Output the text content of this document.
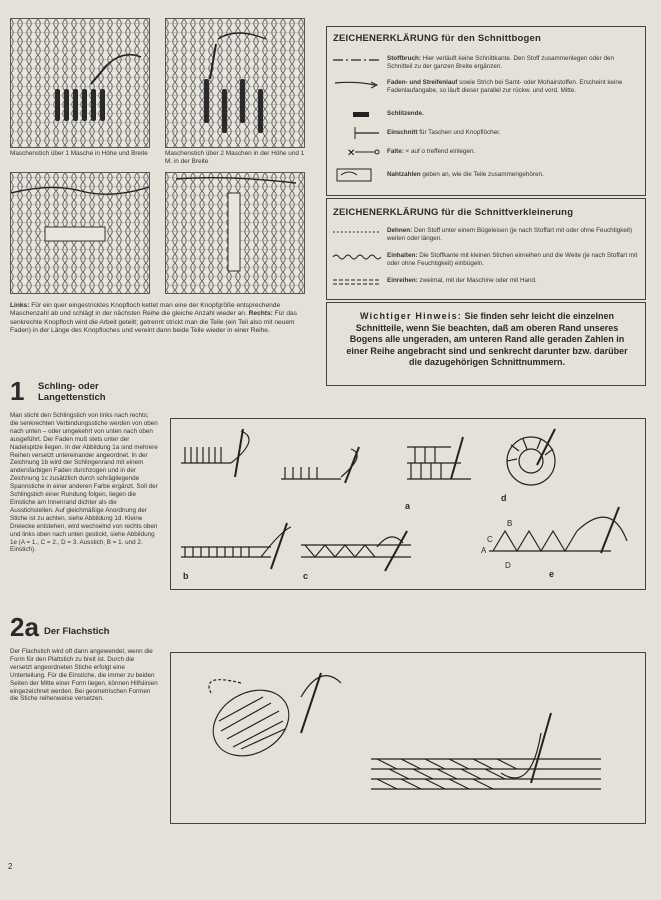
Maschenstich über 1 Masche in Höhe und Breite	Maschenstich über 2 Maschen in der Höhe und 1 M. in der Breite
Links: Für ein quer eingestricktes Knopfloch kettet man eine der Knopfgröße entsprechende Maschenzahl ab und schlägt in der nächsten Reihe die gleiche Anzahl wieder an. Rechts: Für das senkrechte Knopfloch wird die Arbeit geteilt; getrennt strickt man die Teile (ein Teil also mit neuem Faden) in der Länge des Knopfloches und vereint dann beide Teile wieder in einer Reihe.
ZEICHENERKLÄRUNG für den Schnittbogen
Stoffbruch: Hier verläuft keine Schnittkante. Den Stoff zusammenlegen oder den Schnitteil zu der ganzen Breite ergänzen.
Faden- und Streifenlauf sowie Strich bei Samt- oder Mohairstoffen. Erscheint keine Fadenlaufangabe, so läuft dieser parallel zur rückw. und vord. Mitte.
Schlitzende.
Einschnitt für Taschen und Knopflöcher.
✕	Falte: × auf o treffend einlegen.
Nahtzahlen geben an, wie die Teile zusammengehören.
ZEICHENERKLÄRUNG für die Schnittverkleinerung
Dehnen: Den Stoff unter einem Bügeleisen (je nach Stoffart mit oder ohne Feuchtigkeit) weiten oder längen.
Einhalten: Die Stoffkante mit kleinen Stichen einreihen und die Weite (je nach Stoffart mit oder ohne Feuchtigkeit) einbügeln.
Einreihen: zweimal, mit der Maschine oder mit Hand.
Wichtiger Hinweis: Sie finden sehr leicht die einzelnen Schnitteile, wenn Sie beachten, daß am oberen Rand unseres Bogens alle ungeraden, am unteren Rand alle geraden Zahlen in einer Reihe angebracht sind und senkrecht darunter bzw. darüber die dazugehörigen Schnittnummern.
1 Schling- oder
Langettenstich
Man sticht den Schlingstich von links nach rechts; die senkrechten Verbindungsstiche werden von oben nach unten – oder umgekehrt von unten nach oben ausgeführt. Der Faden muß stets unter der Nadelspitze liegen. In der Abbildung 1a sind mehrere Reihen versetzt untereinander angeordnet. In der Zeichnung 1b wird der Schlingenrand mit einem andersfarbigen Faden durchzogen und in der Zeichnung 1c zusätzlich durch schrägliegende Spannstiche in einer anderen Farbe ergänzt. Soll der Schlingstich einer Rundung folgen, liegen die Einstiche am Innenrand dichter als die Ausstichstellen. Auf gleichmäßige Anordnung der Stiche ist zu achten, siehe Abbildung 1d. Kleine Dreiecke entstehen, wird wechselnd von rechts oben und links oben nach unten gestickt, siehe Abbildung 1e (A = 1., C = 2., D = 3. Ausstich; B = 1. und 2. Einstich).
a
d
b	c	e
B
C
A
D
2a Der Flachstich
Der Flachstich wird oft dann angewendet, wenn die Form für den Plattstich zu breit ist. Durch die versetzt angeordneten Stiche erfolgt eine Unterteilung. Für die Einstiche, die immer zu beiden Seiten der Mitte einer Form liegen, können Hilfslinien eingezeichnet werden. Bei geometrischen Formen die Stiche reihenweise versetzen.
2
